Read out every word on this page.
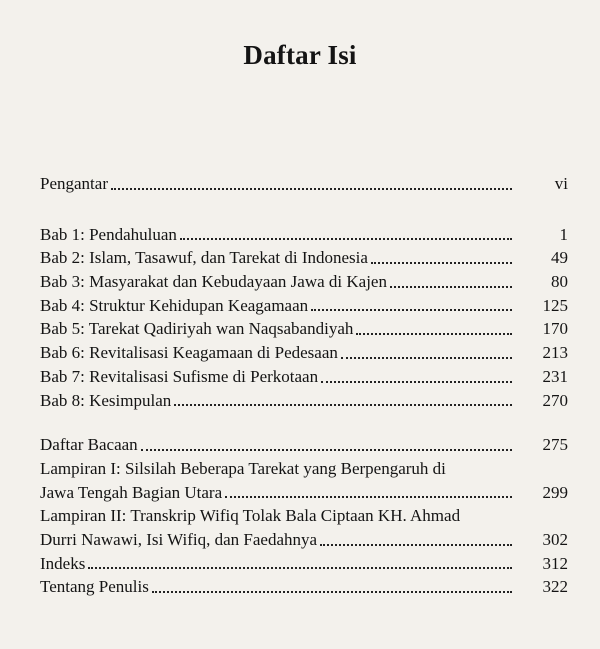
Daftar Isi
Pengantar	vi
Bab 1: Pendahuluan	1
Bab 2: Islam, Tasawuf, dan Tarekat di Indonesia	49
Bab 3: Masyarakat dan Kebudayaan Jawa di Kajen	80
Bab 4: Struktur Kehidupan Keagamaan	125
Bab 5: Tarekat Qadiriyah wan Naqsabandiyah	170
Bab 6: Revitalisasi Keagamaan di Pedesaan	213
Bab 7: Revitalisasi Sufisme di Perkotaan	231
Bab 8: Kesimpulan	270
Daftar Bacaan	275
Lampiran I: Silsilah Beberapa Tarekat yang Berpengaruh di
Jawa Tengah Bagian Utara	299
Lampiran II: Transkrip Wifiq Tolak Bala Ciptaan KH. Ahmad
Durri Nawawi, Isi Wifiq, dan Faedahnya	302
Indeks	312
Tentang Penulis	322
